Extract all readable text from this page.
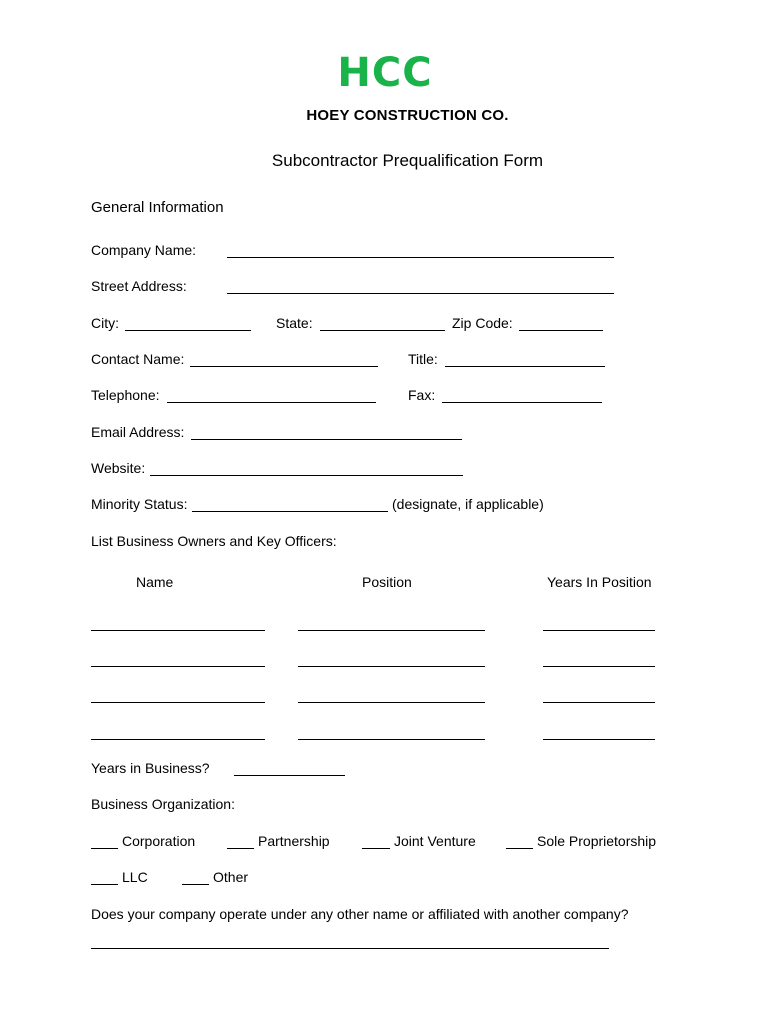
HCC
HOEY CONSTRUCTION CO.
Subcontractor Prequalification Form
General Information
Company Name:
Street Address:
City:	State:	Zip Code:
Contact Name:	Title:
Telephone:	Fax:
Email Address:
Website:
Minority Status:	(designate, if applicable)
List Business Owners and Key Officers:
Name	Position	Years In Position
Years in Business?
Business Organization:
Corporation	Partnership	Joint Venture	Sole Proprietorship
LLC	Other
Does your company operate under any other name or affiliated with another company?
